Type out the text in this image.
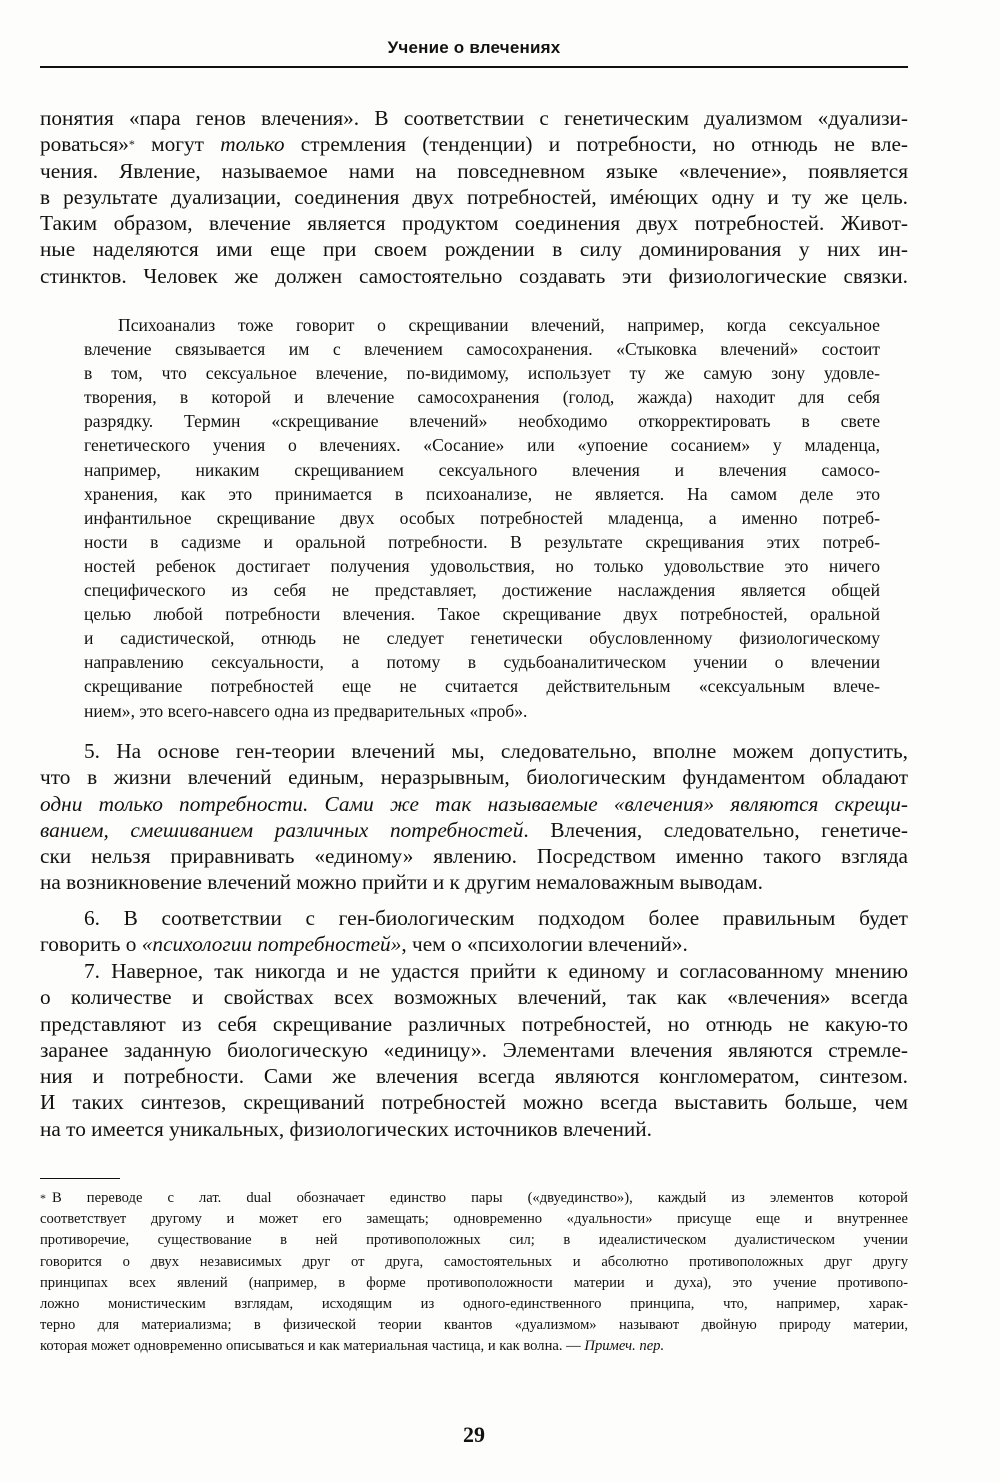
Учение о влечениях

понятия «пара генов влечения». В соответствии с генетическим дуализмом «дуализи-

роваться»* могут только стремления (тенденции) и потребности, но отнюдь не вле-

чения. Явление, называемое нами на повседневном языке «влечение», появляется

в результате дуализации, соединения двух потребностей, имéющих одну и ту же цель.

Таким образом, влечение является продуктом соединения двух потребностей. Живот-

ные наделяются ими еще при своем рождении в силу доминирования у них ин-

стинктов. Человек же должен самостоятельно создавать эти физиологические связки.

Психоанализ тоже говорит о скрещивании влечений, например, когда сексуальное

влечение связывается им с влечением самосохранения. «Стыковка влечений» состоит

в том, что сексуальное влечение, по-видимому, использует ту же самую зону удовле-

творения, в которой и влечение самосохранения (голод, жажда) находит для себя

разрядку. Термин «скрещивание влечений» необходимо откорректировать в свете

генетического учения о влечениях. «Сосание» или «упоение сосанием» у младенца,

например, никаким скрещиванием сексуального влечения и влечения самосо-

хранения, как это принимается в психоанализе, не является. На самом деле это

инфантильное скрещивание двух особых потребностей младенца, а именно потреб-

ности в садизме и оральной потребности. В результате скрещивания этих потреб-

ностей ребенок достигает получения удовольствия, но только удовольствие это ничего

специфического из себя не представляет, достижение наслаждения является общей

целью любой потребности влечения. Такое скрещивание двух потребностей, оральной

и садистической, отнюдь не следует генетически обусловленному физиологическому

направлению сексуальности, а потому в судьбоаналитическом учении о влечении

скрещивание потребностей еще не считается действительным «сексуальным влече-

нием», это всего-навсего одна из предварительных «проб».

5. На основе ген-теории влечений мы, следовательно, вполне можем допустить,

что в жизни влечений единым, неразрывным, биологическим фундаментом обладают

одни только потребности. Сами же так называемые «влечения» являются скрещи-

ванием, смешиванием различных потребностей. Влечения, следовательно, генетиче-

ски нельзя приравнивать «единому» явлению. Посредством именно такого взгляда

на возникновение влечений можно прийти и к другим немаловажным выводам.

6. В соответствии с ген-биологическим подходом более правильным будет

говорить о «психологии потребностей», чем о «психологии влечений».

7. Наверное, так никогда и не удастся прийти к единому и согласованному мнению

о количестве и свойствах всех возможных влечений, так как «влечения» всегда

представляют из себя скрещивание различных потребностей, но отнюдь не какую-то

заранее заданную биологическую «единицу». Элементами влечения являются стремле-

ния и потребности. Сами же влечения всегда являются конгломератом, синтезом.

И таких синтезов, скрещиваний потребностей можно всегда выставить больше, чем

на то имеется уникальных, физиологических источников влечений.

* В переводе с лат. dual обозначает единство пары («двуединство»), каждый из элементов которой

соответствует другому и может его замещать; одновременно «дуальности» присуще еще и внутреннее

противоречие, существование в ней противоположных сил; в идеалистическом дуалистическом учении

говорится о двух независимых друг от друга, самостоятельных и абсолютно противоположных друг другу

принципах всех явлений (например, в форме противоположности материи и духа), это учение противопо-

ложно монистическим взглядам, исходящим из одного-единственного принципа, что, например, харак-

терно для материализма; в физической теории квантов «дуализмом» называют двойную природу материи,

которая может одновременно описываться и как материальная частица, и как волна. — Примеч. пер.

29
